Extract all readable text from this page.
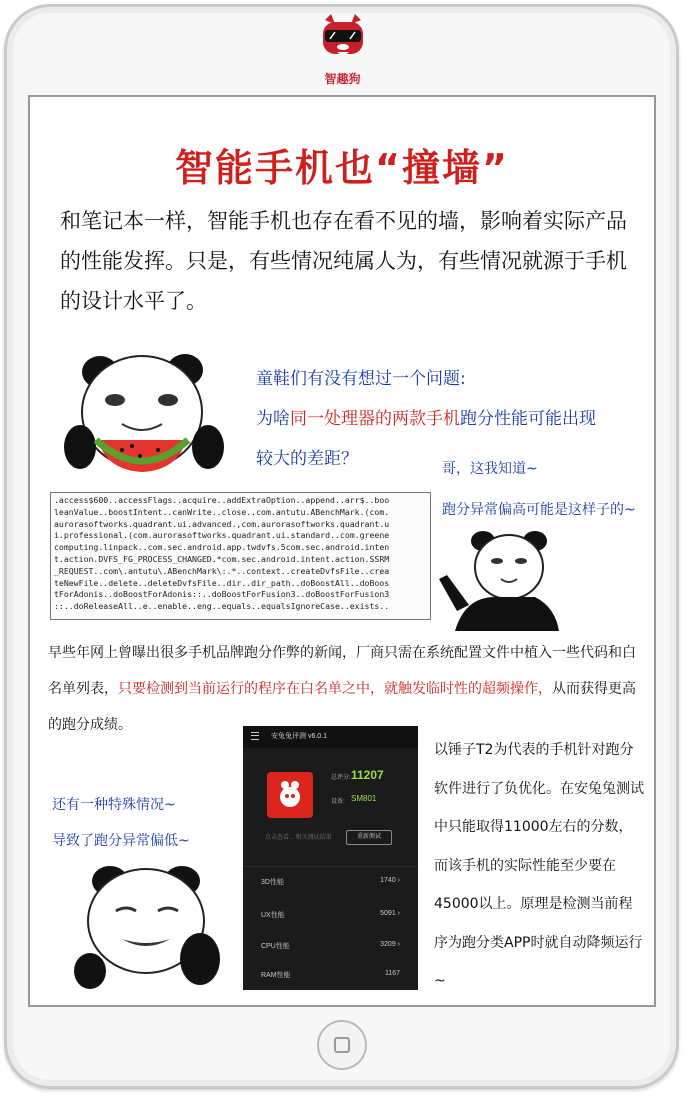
智趣狗
智能手机也“撞墙”
和笔记本一样，智能手机也存在看不见的墙，影响着实际产品的性能发挥。只是，有些情况纯属人为，有些情况就源于手机的设计水平了。
童鞋们有没有想过一个问题:
为啥同一处理器的两款手机跑分性能可能出现
较大的差距？	哥，这我知道~
跑分异常偏高可能是这样子的~
.access$600..accessFlags..acquire..addExtraOption..append..arr$..boo
leanValue..boostIntent..canWrite..close..com.antutu.ABenchMark.(com.
aurorasoftworks.quadrant.ui.advanced.,com.aurorasoftworks.quadrant.u
i.professional.(com.aurorasoftworks.quadrant.ui.standard..com.greene
computing.linpack..com.sec.android.app.twdvfs.5com.sec.android.inten
t.action.DVFS_FG_PROCESS_CHANGED.*com.sec.android.intent.action.SSRM
_REQUEST..com\.antutu\.ABenchMark\:.*..context..createDvfsFile..crea
teNewFile..delete..deleteDvfsFile..dir..dir_path..doBoostAll..doBoos
tForAdonis..doBoostForAdonis::..doBoostForFusion3..doBoostForFusion3
::..doReleaseAll..e..enable..eng..equals..equalsIgnoreCase..exists..
早些年网上曾曝出很多手机品牌跑分作弊的新闻，厂商只需在系统配置文件中植入一些代码和白名单列表，只要检测到当前运行的程序在白名单之中，就触发临时性的超频操作，从而获得更高的跑分成绩。
还有一种特殊情况~
导致了跑分异常偏低~
安兔兔评测 v6.0.1
总评分: 11207
设备: SM801
点击查看... 相关测试结果	重新测试
3D性能	1740 ›
UX性能	5091 ›
CPU性能	3209 ›
RAM性能	1167
以锤子T2为代表的手机针对跑分软件进行了负优化。在安兔兔测试中只能取得11000左右的分数，而该手机的实际性能至少要在45000以上。原理是检测当前程序为跑分类APP时就自动降频运行~
